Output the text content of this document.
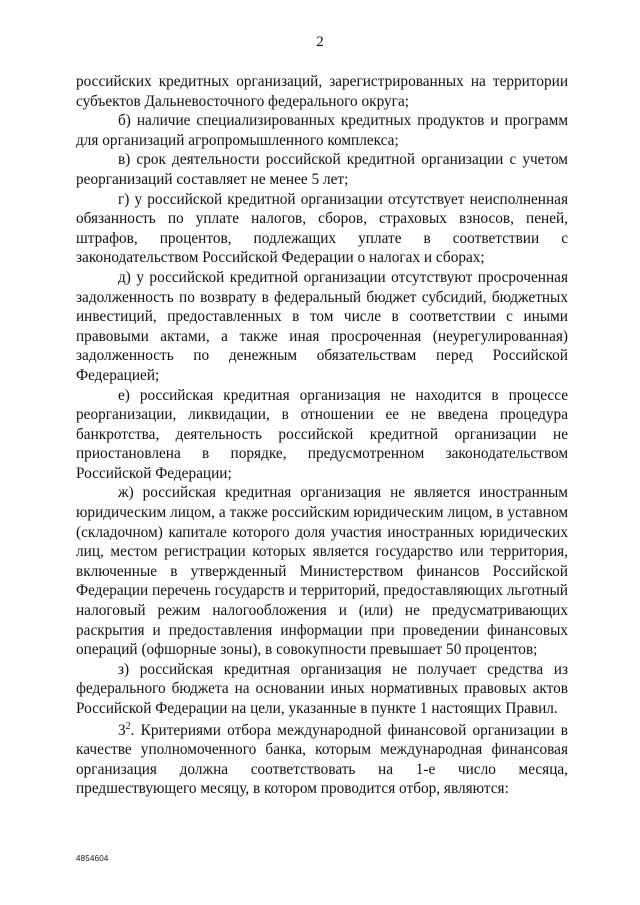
2

российских кредитных организаций, зарегистрированных на территории субъектов Дальневосточного федерального округа;

б) наличие специализированных кредитных продуктов и программ для организаций агропромышленного комплекса;

в) срок деятельности российской кредитной организации с учетом реорганизаций составляет не менее 5 лет;

г) у российской кредитной организации отсутствует неисполненная обязанность по уплате налогов, сборов, страховых взносов, пеней, штрафов, процентов, подлежащих уплате в соответствии с законодательством Российской Федерации о налогах и сборах;

д) у российской кредитной организации отсутствуют просроченная задолженность по возврату в федеральный бюджет субсидий, бюджетных инвестиций, предоставленных в том числе в соответствии с иными правовыми актами, а также иная просроченная (неурегулированная) задолженность по денежным обязательствам перед Российской Федерацией;

е) российская кредитная организация не находится в процессе реорганизации, ликвидации, в отношении ее не введена процедура банкротства, деятельность российской кредитной организации не приостановлена в порядке, предусмотренном законодательством Российской Федерации;

ж) российская кредитная организация не является иностранным юридическим лицом, а также российским юридическим лицом, в уставном (складочном) капитале которого доля участия иностранных юридических лиц, местом регистрации которых является государство или территория, включенные в утвержденный Министерством финансов Российской Федерации перечень государств и территорий, предоставляющих льготный налоговый режим налогообложения и (или) не предусматривающих раскрытия и предоставления информации при проведении финансовых операций (офшорные зоны), в совокупности превышает 50 процентов;

з) российская кредитная организация не получает средства из федерального бюджета на основании иных нормативных правовых актов Российской Федерации на цели, указанные в пункте 1 настоящих Правил.

$3^2$. Критериями отбора международной финансовой организации в качестве уполномоченного банка, которым международная финансовая организация должна соответствовать на 1-е число месяца, предшествующего месяцу, в котором проводится отбор, являются:

4854604
